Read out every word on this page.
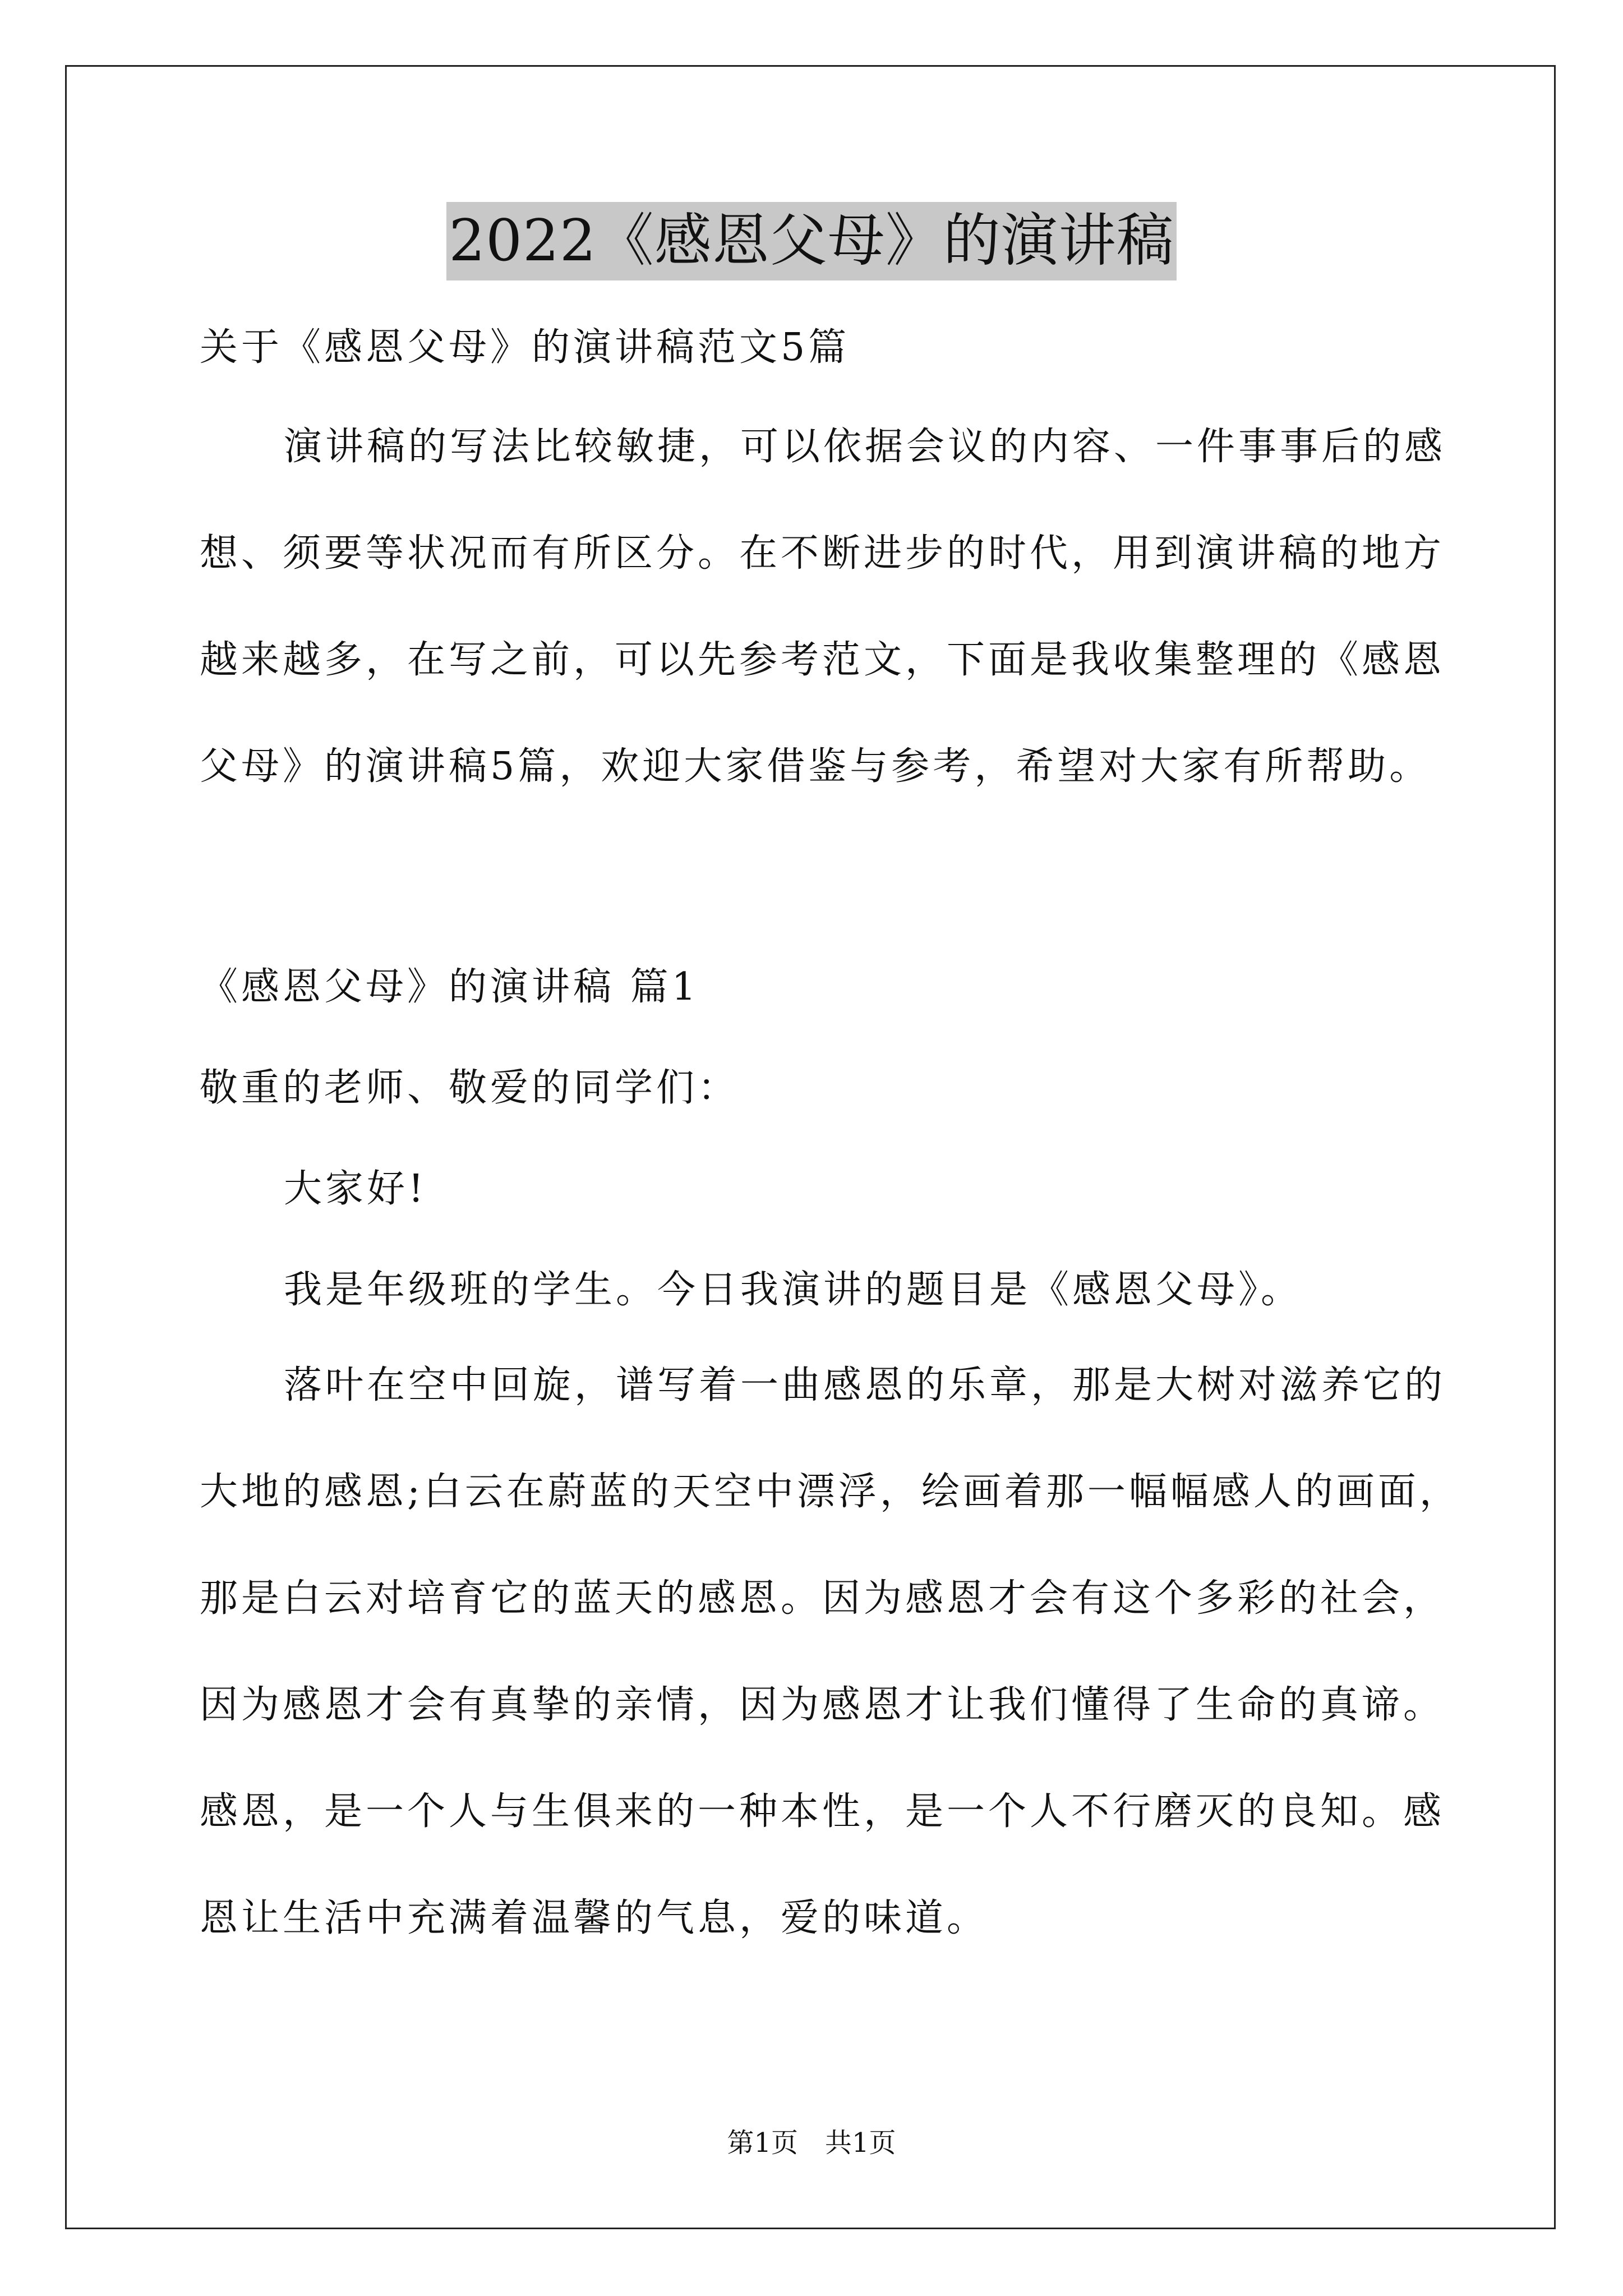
2022《感恩父母》的演讲稿

关于《感恩父母》的演讲稿范文5篇

演讲稿的写法比较敏捷，可以依据会议的内容、一件事事后的感
想、须要等状况而有所区分。在不断进步的时代，用到演讲稿的地方
越来越多，在写之前，可以先参考范文，下面是我收集整理的《感恩
父母》的演讲稿5篇，欢迎大家借鉴与参考，希望对大家有所帮助。

《感恩父母》的演讲稿 篇1

敬重的老师、敬爱的同学们：

大家好!

我是年级班的学生。今日我演讲的题目是《感恩父母》。

落叶在空中回旋，谱写着一曲感恩的乐章，那是大树对滋养它的
大地的感恩;白云在蔚蓝的天空中漂浮，绘画着那一幅幅感人的画面，
那是白云对培育它的蓝天的感恩。因为感恩才会有这个多彩的社会，
因为感恩才会有真挚的亲情，因为感恩才让我们懂得了生命的真谛。
感恩，是一个人与生俱来的一种本性，是一个人不行磨灭的良知。感
恩让生活中充满着温馨的气息，爱的味道。

第1页　共1页
